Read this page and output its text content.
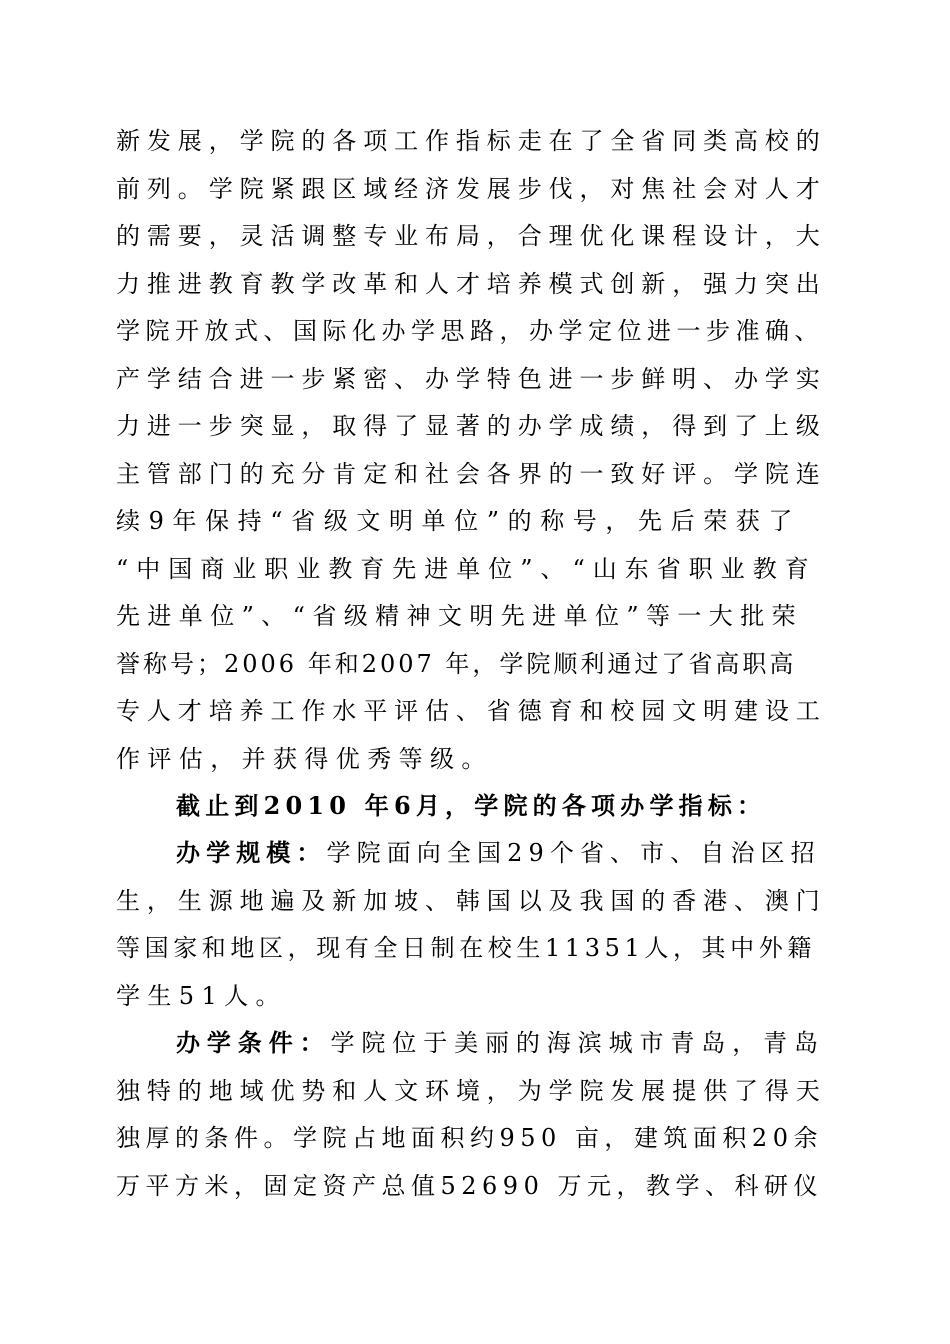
新发展，学院的各项工作指标走在了全省同类高校的
前列。学院紧跟区域经济发展步伐，对焦社会对人才
的需要，灵活调整专业布局，合理优化课程设计，大
力推进教育教学改革和人才培养模式创新，强力突出
学院开放式、国际化办学思路，办学定位进一步准确、
产学结合进一步紧密、办学特色进一步鲜明、办学实
力进一步突显，取得了显著的办学成绩，得到了上级
主管部门的充分肯定和社会各界的一致好评。学院连
续9年保持“省级文明单位”的称号，先后荣获了
“中国商业职业教育先进单位”、“山东省职业教育
先进单位”、“省级精神文明先进单位”等一大批荣
誉称号；2006 年和2007 年，学院顺利通过了省高职高
专人才培养工作水平评估、省德育和校园文明建设工
作评估，并获得优秀等级。
截止到2010 年6月，学院的各项办学指标：
办学规模：学院面向全国29个省、市、自治区招
生，生源地遍及新加坡、韩国以及我国的香港、澳门
等国家和地区，现有全日制在校生11351人，其中外籍
学生51人。
办学条件：学院位于美丽的海滨城市青岛，青岛
独特的地域优势和人文环境，为学院发展提供了得天
独厚的条件。学院占地面积约950 亩，建筑面积20余
万平方米，固定资产总值52690 万元，教学、科研仪
